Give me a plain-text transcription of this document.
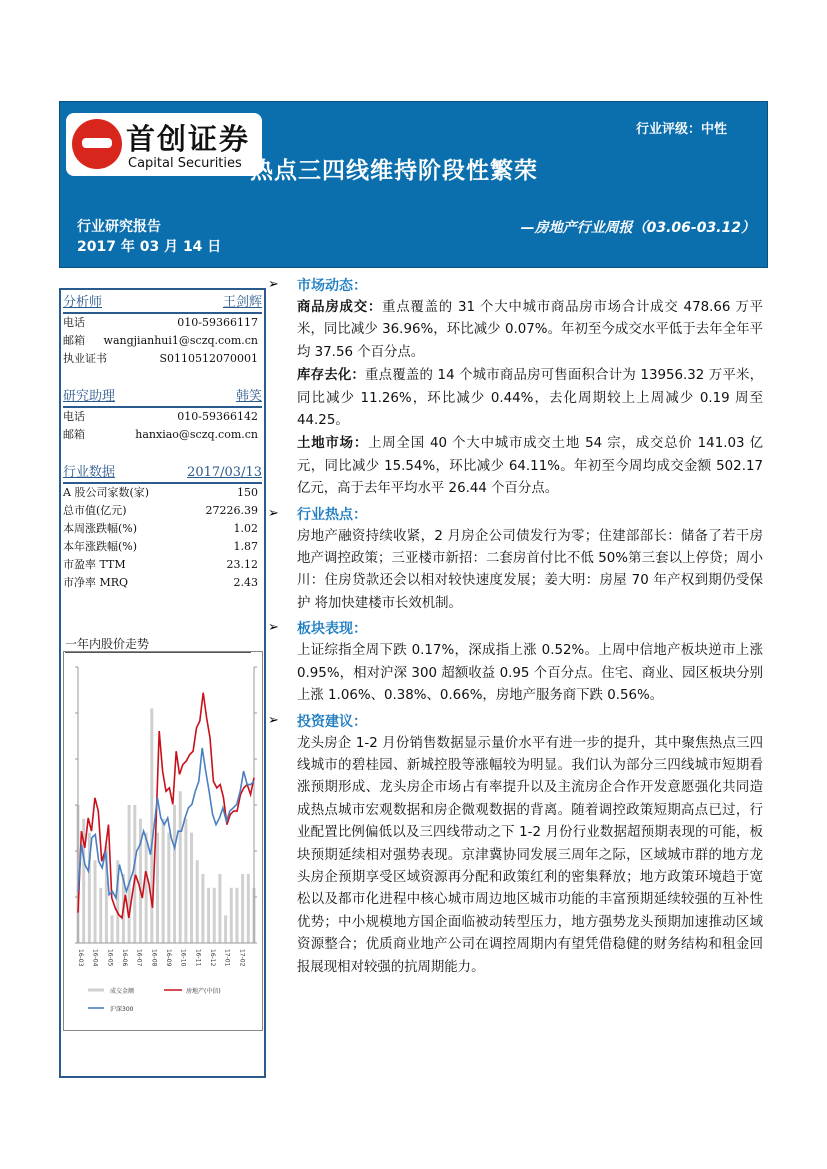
首创证券
Capital Securities 热点三四线维持阶段性繁荣
行业评级：中性
行业研究报告
2017 年 03 月 14 日
—房地产行业周报（03.06-03.12）
分析师	王剑辉
电话	010-59366117
邮箱 wangjianhui1@sczq.com.cn
执业证书	S0110512070001
研究助理	韩笑
电话	010-59366142
邮箱	hanxiao@sczq.com.cn
行业数据	2017/03/13
A 股公司家数(家)	150
总市值(亿元)	27226.39
本周涨跌幅(%)	1.02
本年涨跌幅(%)	1.87
市盈率 TTM	23.12
市净率 MRQ	2.43
一年内股价走势
16-03 16-04 16-05 16-06 16-07 16-08 16-09 16-10 16-11 16-12 17-01 17-02
成交金额	房地产(中信)
沪深300
➢ 市场动态：

商品房成交：重点覆盖的 31 个大中城市商品房市场合计成交 478.66 万平米，同比减少 36.96%，环比减少 0.07%。年初至今成交水平低于去年全年平均 37.56 个百分点。

库存去化：重点覆盖的 14 个城市商品房可售面积合计为 13956.32 万平米，同比减少 11.26%，环比减少 0.44%，去化周期较上上周减少 0.19 周至 44.25。

土地市场：上周全国 40 个大中城市成交土地 54 宗，成交总价 141.03 亿元，同比减少 15.54%，环比减少 64.11%。年初至今周均成交金额 502.17 亿元，高于去年平均水平 26.44 个百分点。

➢ 行业热点：

房地产融资持续收紧，2 月房企公司债发行为零；住建部部长：储备了若干房地产调控政策；三亚楼市新招：二套房首付比不低 50%第三套以上停贷；周小川：住房贷款还会以相对较快速度发展；姜大明：房屋 70 年产权到期仍受保护 将加快建楼市长效机制。

➢ 板块表现：

上证综指全周下跌 0.17%，深成指上涨 0.52%。上周中信地产板块逆市上涨 0.95%，相对沪深 300 超额收益 0.95 个百分点。住宅、商业、园区板块分别上涨 1.06%、0.38%、0.66%，房地产服务商下跌 0.56%。

➢ 投资建议：

龙头房企 1-2 月份销售数据显示量价水平有进一步的提升，其中聚焦热点三四线城市的碧桂园、新城控股等涨幅较为明显。我们认为部分三四线城市短期看涨预期形成、龙头房企市场占有率提升以及主流房企合作开发意愿强化共同造成热点城市宏观数据和房企微观数据的背离。随着调控政策短期高点已过，行业配置比例偏低以及三四线带动之下 1-2 月份行业数据超预期表现的可能，板块预期延续相对强势表现。京津冀协同发展三周年之际，区域城市群的地方龙头房企预期享受区域资源再分配和政策红利的密集释放；地方政策环境趋于宽松以及都市化进程中核心城市周边地区城市功能的丰富预期延续较强的互补性优势；中小规模地方国企面临被动转型压力，地方强势龙头预期加速推动区域资源整合；优质商业地产公司在调控周期内有望凭借稳健的财务结构和租金回报展现相对较强的抗周期能力。
